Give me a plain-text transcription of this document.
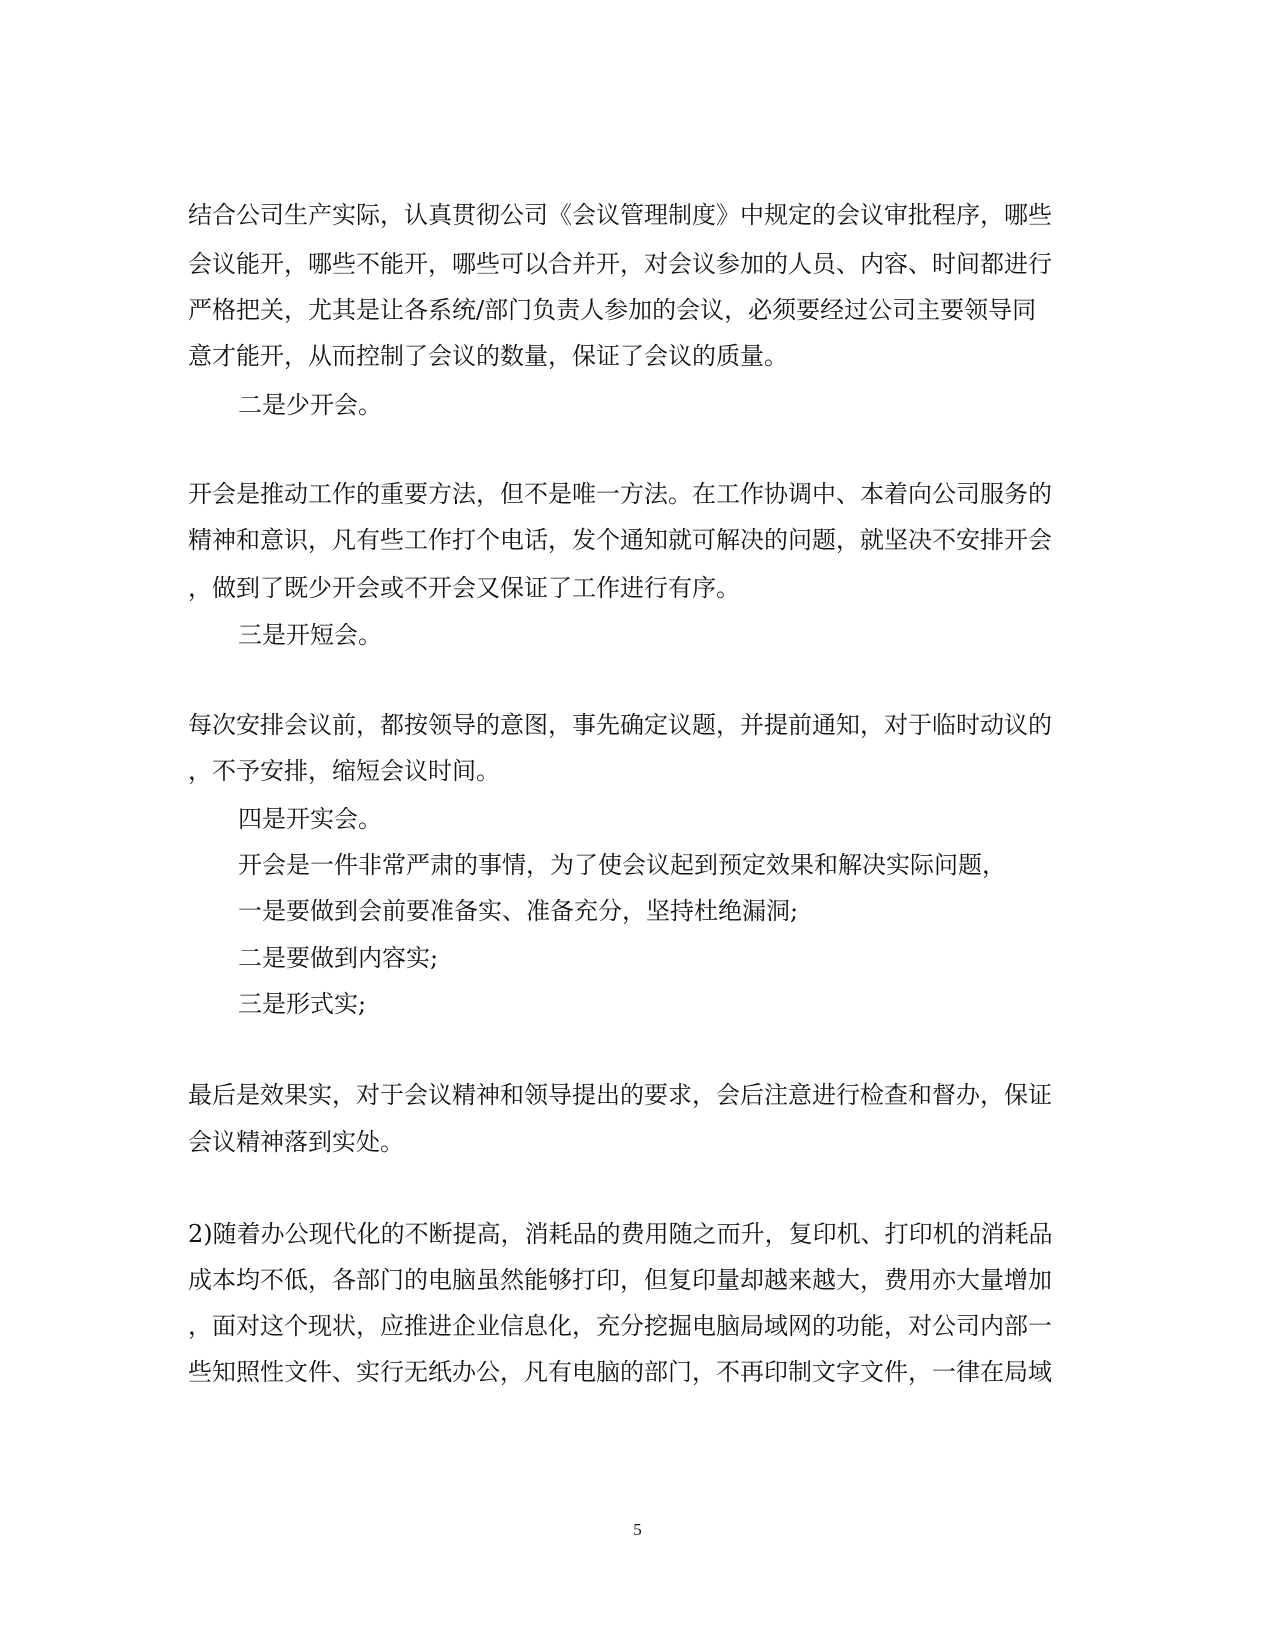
结合公司生产实际，认真贯彻公司《会议管理制度》中规定的会议审批程序，哪些
会议能开，哪些不能开，哪些可以合并开，对会议参加的人员、内容、时间都进行
严格把关，尤其是让各系统/部门负责人参加的会议，必须要经过公司主要领导同
意才能开，从而控制了会议的数量，保证了会议的质量。
二是少开会。
开会是推动工作的重要方法，但不是唯一方法。在工作协调中、本着向公司服务的
精神和意识，凡有些工作打个电话，发个通知就可解决的问题，就坚决不安排开会
，做到了既少开会或不开会又保证了工作进行有序。
三是开短会。
每次安排会议前，都按领导的意图，事先确定议题，并提前通知，对于临时动议的
，不予安排，缩短会议时间。
四是开实会。
开会是一件非常严肃的事情，为了使会议起到预定效果和解决实际问题，
一是要做到会前要准备实、准备充分，坚持杜绝漏洞;
二是要做到内容实;
三是形式实;
最后是效果实，对于会议精神和领导提出的要求，会后注意进行检查和督办，保证
会议精神落到实处。
2)随着办公现代化的不断提高，消耗品的费用随之而升，复印机、打印机的消耗品
成本均不低，各部门的电脑虽然能够打印，但复印量却越来越大，费用亦大量增加
，面对这个现状，应推进企业信息化，充分挖掘电脑局域网的功能，对公司内部一
些知照性文件、实行无纸办公，凡有电脑的部门，不再印制文字文件，一律在局域
5
